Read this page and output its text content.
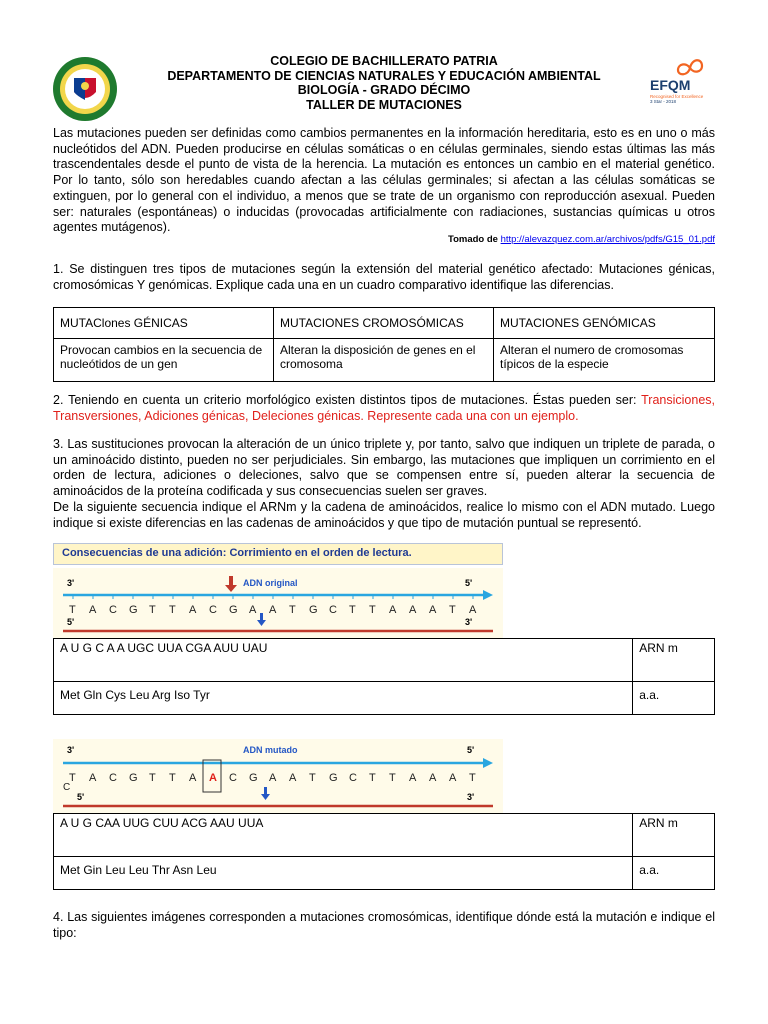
EFQM
Recognised for Excellence
3 Star - 2018
COLEGIO DE BACHILLERATO PATRIA
DEPARTAMENTO DE CIENCIAS NATURALES Y EDUCACIÓN AMBIENTAL
BIOLOGÍA - GRADO DÉCIMO
TALLER DE MUTACIONES
Las mutaciones pueden ser definidas como cambios permanentes en la información hereditaria, esto es en uno o más nucleótidos del ADN. Pueden producirse en células somáticas o en células germinales, siendo estas últimas las más trascendentales desde el punto de vista de la herencia. La mutación es entonces un cambio en el material genético. Por lo tanto, sólo son heredables cuando afectan a las células germinales; si afectan a las células somáticas se extinguen, por lo general con el individuo, a menos que se trate de un organismo con reproducción asexual. Pueden ser: naturales (espontáneas) o inducidas (provocadas artificialmente con radiaciones, sustancias químicas u otros agentes mutágenos).
Tomado de http://alevazquez.com.ar/archivos/pdfs/G15_01.pdf
1. Se distinguen tres tipos de mutaciones según la extensión del material genético afectado: Mutaciones génicas, cromosómicas Y genómicas. Explique cada una en un cuadro comparativo identifique las diferencias.
MUTAClones GÉNICAS	MUTACIONES CROMOSÓMICAS	MUTACIONES GENÓMICAS
Provocan cambios en la secuencia de nucleótidos de un gen	Alteran la disposición de genes en el cromosoma	Alteran el numero de cromosomas típicos de la especie
2. Teniendo en cuenta un criterio morfológico existen distintos tipos de mutaciones. Éstas pueden ser: Transiciones, Transversiones, Adiciones génicas, Deleciones génicas. Represente cada una con un ejemplo.
3. Las sustituciones provocan la alteración de un único triplete y, por tanto, salvo que indiquen un triplete de parada, o un aminoácido distinto, pueden no ser perjudiciales. Sin embargo, las mutaciones que impliquen un corrimiento en el orden de lectura, adiciones o deleciones, salvo que se compensen entre sí, pueden alterar la secuencia de aminoácidos de la proteína codificada y sus consecuencias suelen ser graves.
De la siguiente secuencia indique el ARNm y la cadena de aminoácidos, realice lo mismo con el ADN mutado. Luego indique si existe diferencias en las cadenas de aminoácidos y que tipo de mutación puntual se representó.
Consecuencias de una adición: Corrimiento en el orden de lectura.
3'	5'
ADN original
T A C G T T A C G A A T G C T T A A A T A
5'	3'
A U G C A A UGC UUA CGA AUU UAU	ARN m
Met Gln Cys Leu Arg Iso Tyr	a.a.
3'	5'
ADN mutado
T A C G T T A A C G A A T G C T T A A A T
C
5'	3'
A U G CAA UUG CUU ACG AAU UUA	ARN m
Met Gin Leu Leu Thr Asn Leu	a.a.
4. Las siguientes imágenes corresponden a mutaciones cromosómicas, identifique dónde está la mutación e indique el tipo:
